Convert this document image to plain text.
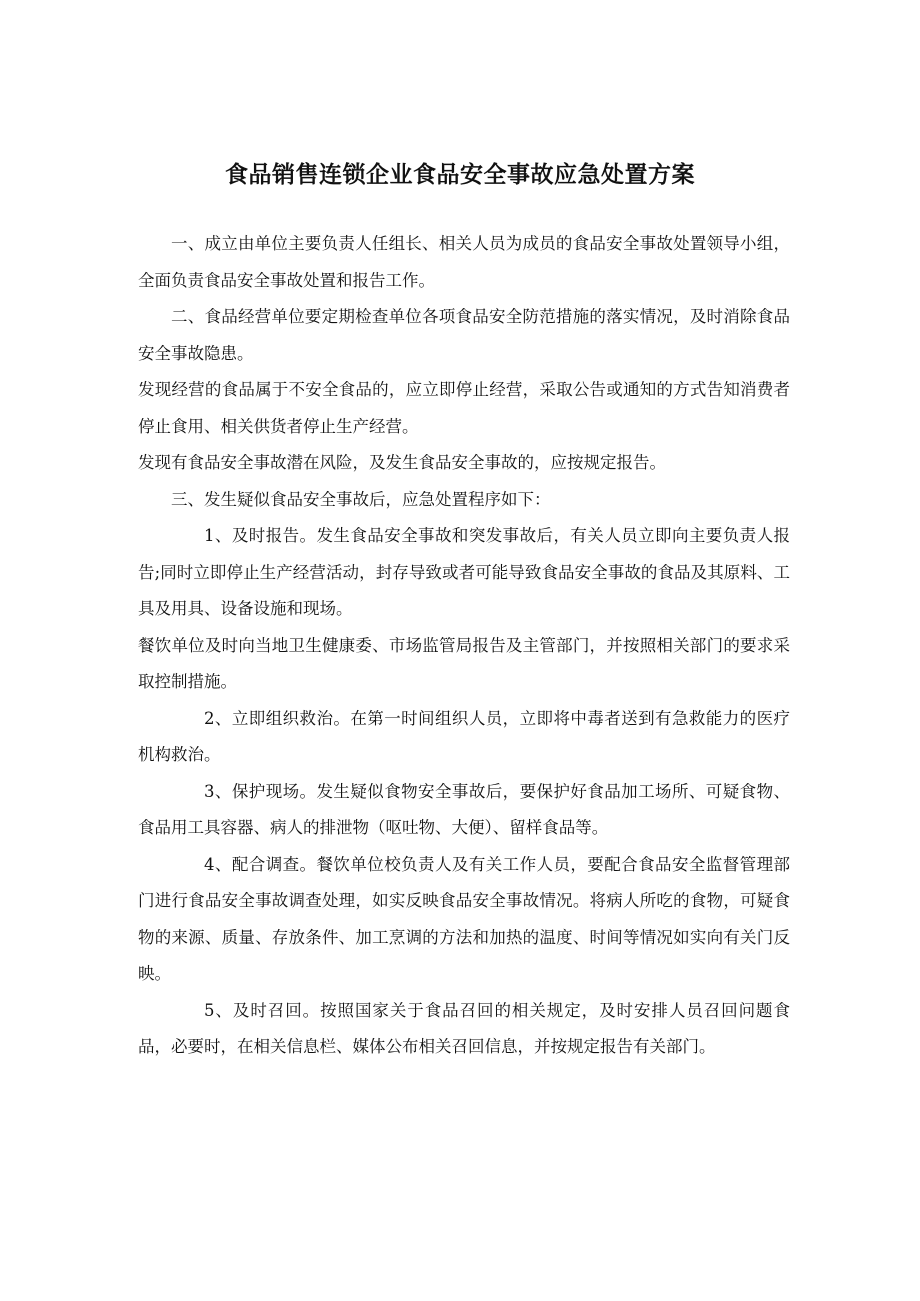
食品销售连锁企业食品安全事故应急处置方案

一、成立由单位主要负责人任组长、相关人员为成员的食品安全事故处置领导小组，全面负责食品安全事故处置和报告工作。

二、食品经营单位要定期检查单位各项食品安全防范措施的落实情况，及时消除食品安全事故隐患。

发现经营的食品属于不安全食品的，应立即停止经营，采取公告或通知的方式告知消费者停止食用、相关供货者停止生产经营。

发现有食品安全事故潜在风险，及发生食品安全事故的，应按规定报告。

三、发生疑似食品安全事故后，应急处置程序如下：

1、及时报告。发生食品安全事故和突发事故后，有关人员立即向主要负责人报告;同时立即停止生产经营活动，封存导致或者可能导致食品安全事故的食品及其原料、工具及用具、设备设施和现场。

餐饮单位及时向当地卫生健康委、市场监管局报告及主管部门，并按照相关部门的要求采取控制措施。

2、立即组织救治。在第一时间组织人员，立即将中毒者送到有急救能力的医疗机构救治。

3、保护现场。发生疑似食物安全事故后，要保护好食品加工场所、可疑食物、食品用工具容器、病人的排泄物（呕吐物、大便）、留样食品等。

4、配合调查。餐饮单位校负责人及有关工作人员，要配合食品安全监督管理部门进行食品安全事故调查处理，如实反映食品安全事故情况。将病人所吃的食物，可疑食物的来源、质量、存放条件、加工烹调的方法和加热的温度、时间等情况如实向有关门反映。

5、及时召回。按照国家关于食品召回的相关规定，及时安排人员召回问题食品，必要时，在相关信息栏、媒体公布相关召回信息，并按规定报告有关部门。
